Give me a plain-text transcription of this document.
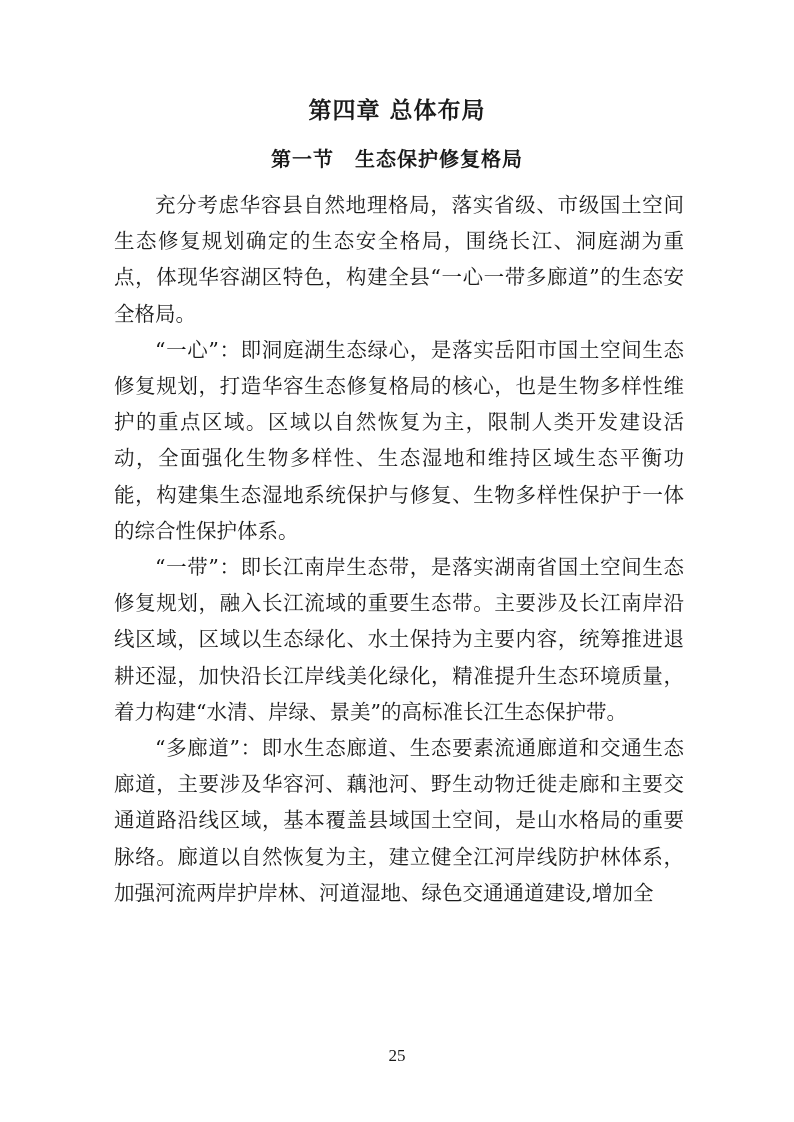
第四章 总体布局
第一节　生态保护修复格局

充分考虑华容县自然地理格局，落实省级、市级国土空间生态修复规划确定的生态安全格局，围绕长江、洞庭湖为重点，体现华容湖区特色，构建全县“一心一带多廊道”的生态安全格局。

“一心”：即洞庭湖生态绿心，是落实岳阳市国土空间生态修复规划，打造华容生态修复格局的核心，也是生物多样性维护的重点区域。区域以自然恢复为主，限制人类开发建设活动，全面强化生物多样性、生态湿地和维持区域生态平衡功能，构建集生态湿地系统保护与修复、生物多样性保护于一体的综合性保护体系。

“一带”：即长江南岸生态带，是落实湖南省国土空间生态修复规划，融入长江流域的重要生态带。主要涉及长江南岸沿线区域，区域以生态绿化、水土保持为主要内容，统筹推进退耕还湿，加快沿长江岸线美化绿化，精准提升生态环境质量，着力构建“水清、岸绿、景美”的高标准长江生态保护带。

“多廊道”：即水生态廊道、生态要素流通廊道和交通生态廊道，主要涉及华容河、藕池河、野生动物迁徙走廊和主要交通道路沿线区域，基本覆盖县域国土空间，是山水格局的重要脉络。廊道以自然恢复为主，建立健全江河岸线防护林体系，加强河流两岸护岸林、河道湿地、绿色交通通道建设,增加全

25
